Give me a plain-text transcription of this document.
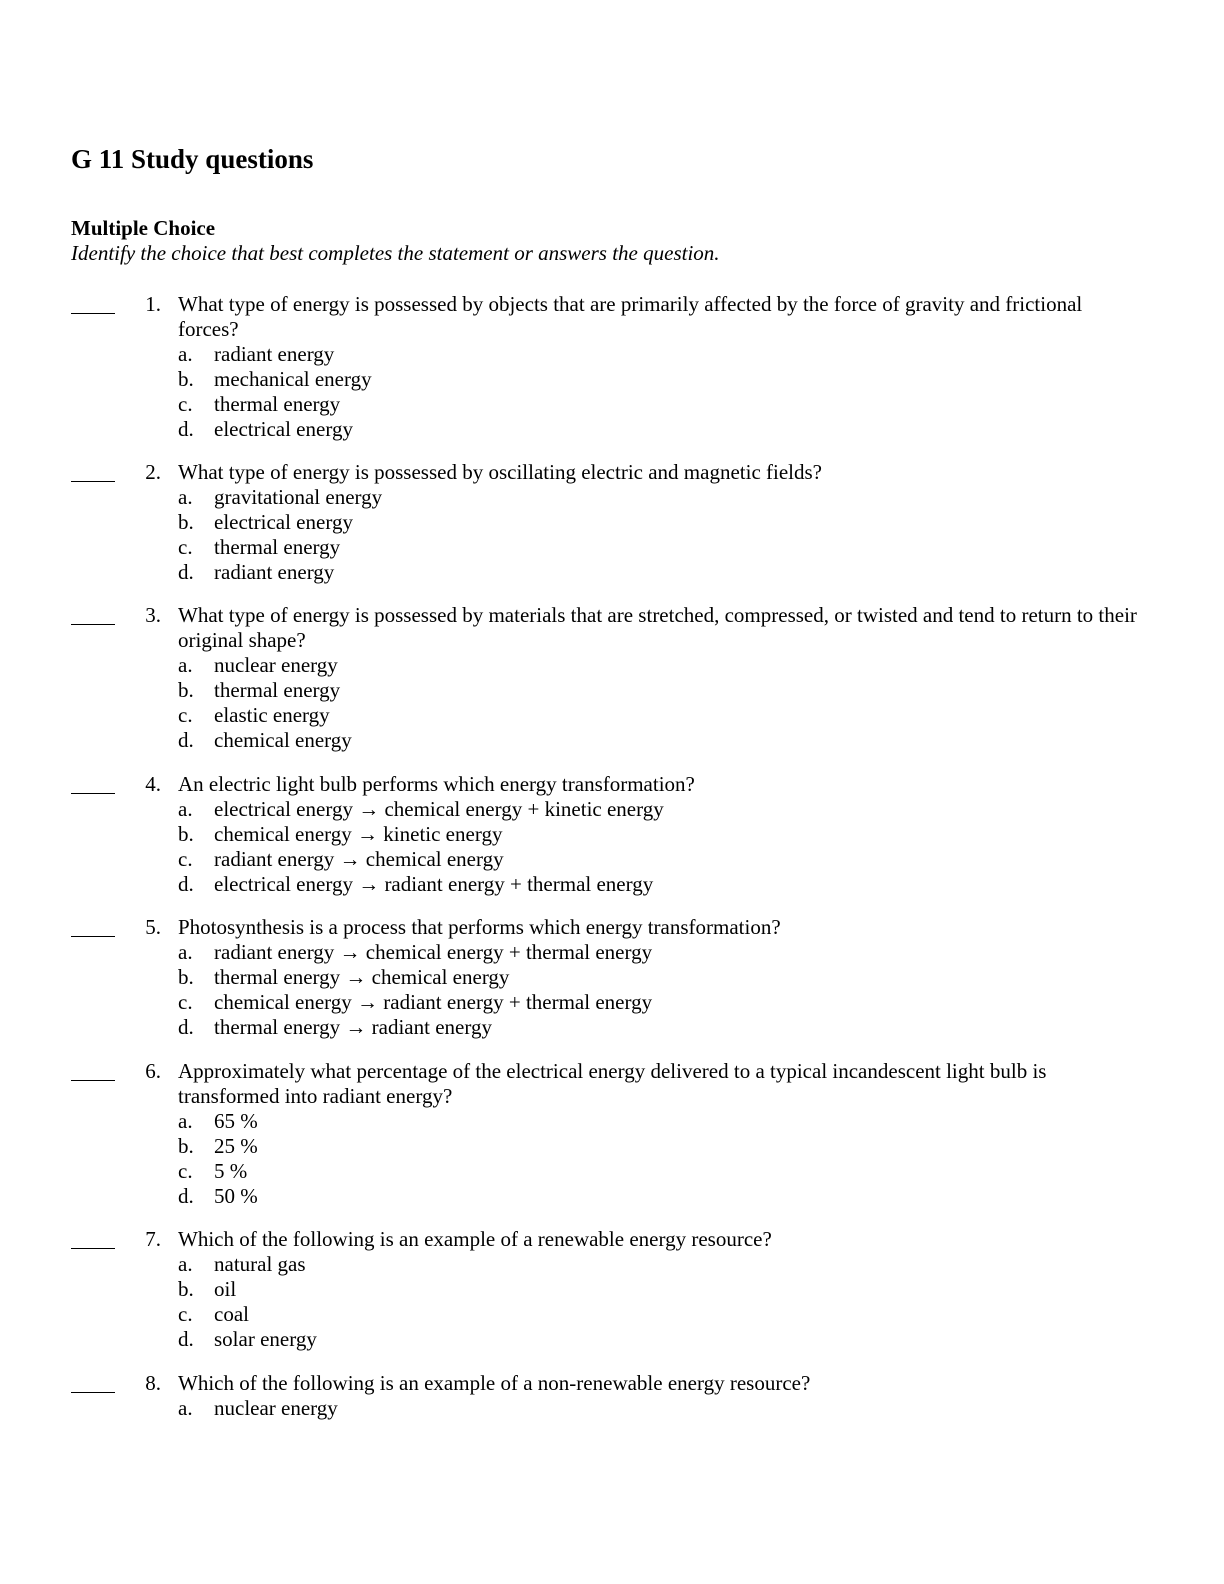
G 11 Study questions
Multiple Choice

Identify the choice that best completes the statement or answers the question.

1. What type of energy is possessed by objects that are primarily affected by the force of gravity and frictional forces?

a. radiant energy
b. mechanical energy
c. thermal energy
d. electrical energy
2. What type of energy is possessed by oscillating electric and magnetic fields?

a. gravitational energy
b. electrical energy
c. thermal energy
d. radiant energy
3. What type of energy is possessed by materials that are stretched, compressed, or twisted and tend to return to their original shape?

a. nuclear energy
b. thermal energy
c. elastic energy
d. chemical energy
4. An electric light bulb performs which energy transformation?

a. electrical energy → chemical energy + kinetic energy
b. chemical energy → kinetic energy
c. radiant energy → chemical energy
d. electrical energy → radiant energy + thermal energy
5. Photosynthesis is a process that performs which energy transformation?

a. radiant energy → chemical energy + thermal energy
b. thermal energy → chemical energy
c. chemical energy → radiant energy + thermal energy
d. thermal energy → radiant energy
6. Approximately what percentage of the electrical energy delivered to a typical incandescent light bulb is transformed into radiant energy?

a. 65 %
b. 25 %
c. 5 %
d. 50 %
7. Which of the following is an example of a renewable energy resource?

a. natural gas
b. oil
c. coal
d. solar energy
8. Which of the following is an example of a non-renewable energy resource?

a. nuclear energy
